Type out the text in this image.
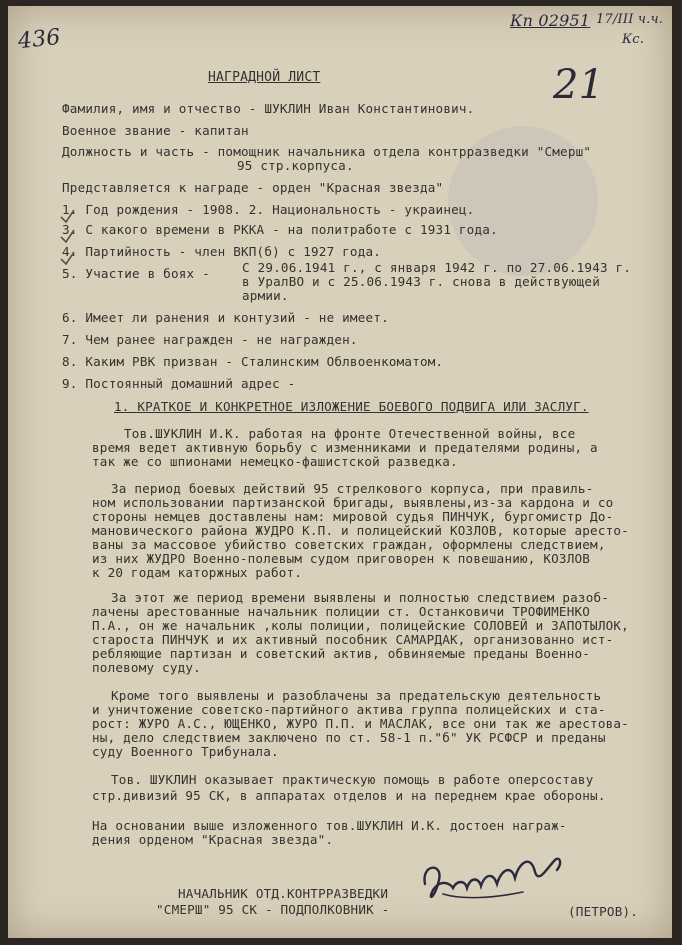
436
Кп 02951 17/III ч.ч.
Кс.
НАГРАДНОЙ ЛИСТ	21
Фамилия, имя и отчество - ШУКЛИН Иван Константинович.
Военное звание - капитан
Должность и часть - помощник начальника отдела контрразведки "Смерш"
95 стр.корпуса.
Представляется к награде - орден "Красная звезда"
1. Год рождения - 1908. 2. Национальность - украинец.
3. С какого времени в РККА - на политработе с 1931 года.
4. Партийность - член ВКП(б) с 1927 года.
5. Участие в боях -	С 29.06.1941 г., с января 1942 г. по 27.06.1943 г.
в УралВО и с 25.06.1943 г. снова в действующей
армии.
6. Имеет ли ранения и контузий - не имеет.
7. Чем ранее награжден - не награжден.
8. Каким РВК призван - Сталинским Облвоенкоматом.
9. Постоянный домашний адрес -
1. КРАТКОЕ И КОНКРЕТНОЕ ИЗЛОЖЕНИЕ БОЕВОГО ПОДВИГА ИЛИ ЗАСЛУГ.
Тов.ШУКЛИН И.К. работая на фронте Отечественной войны, все
время ведет активную борьбу с изменниками и предателями родины, а
так же со шпионами немецко-фашистской разведка.
За период боевых действий 95 стрелкового корпуса, при правиль-
ном использовании партизанской бригады, выявлены,из-за кардона и со
стороны немцев доставлены нам: мировой судья ПИНЧУК, бургомистр До-
мановического района ЖУДРО К.П. и полицейский КОЗЛОВ, которые аресто-
ваны за массовое убийство советских граждан, оформлены следствием,
из них ЖУДРО Военно-полевым судом приговорен к повешанию, КОЗЛОВ
к 20 годам каторжных работ.
За этот же период времени выявлены и полностью следствием разоб-
лачены арестованные начальник полиции ст. Останковичи ТРОФИМЕНКО
П.А., он же начальник ,колы полиции, полицейские СОЛОВЕЙ и ЗАПОТЫЛОК,
староста ПИНЧУК и их активный пособник САМАРДАК, организованно ист-
ребляющие партизан и советский актив, обвиняемые преданы Военно-
полевому суду.
Кроме того выявлены и разоблачены за предательскую деятельность
и уничтожение советско-партийного актива группа полицейских и ста-
рост: ЖУРО А.С., ЮЩЕНКО, ЖУРО П.П. и МАСЛАК, все они так же арестова-
ны, дело следствием заключено по ст. 58-1 п."б" УК РСФСР и преданы
суду Военного Трибунала.
Тов. ШУКЛИН оказывает практическую помощь в работе оперсоставу
стр.дивизий 95 СК, в аппаратах отделов и на переднем крае обороны.
На основании выше изложенного тов.ШУКЛИН И.К. достоен награж-
дения орденом "Красная звезда".
НАЧАЛЬНИК ОТД.КОНТРРАЗВЕДКИ
"СМЕРШ" 95 СК - ПОДПОЛКОВНИК -	(ПЕТРОВ).
